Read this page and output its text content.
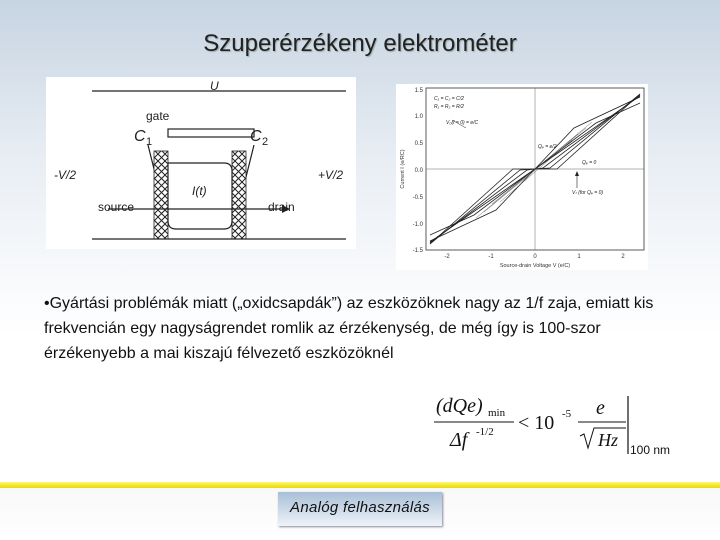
Szuperérzékeny elektrométer
U
gate
C 1	C 2
-V/2	+V/2
I(t)
source	drain
1.5
1.0
0.5
0.0
-0.5
-1.0
-1.5
-2	-1	0	1	2
Source-drain Voltage V (e/C)
Current I (e/RC)
C₁ = C₂ = C/2
R₁ = R₂ = R/2
V₀(I = 0) = e/C
Qₑ = e/2
Qₑ = 0
Vₜ (for Qₑ = 0)
•Gyártási problémák miatt („oxidcsapdák”) az eszközöknek nagy az 1/f zaja, emiatt kis frekvencián egy nagyságrendet romlik az érzékenység, de még így is 100-szor érzékenyebb a mai kiszajú félvezető eszközöknél
(dQe) min
Δf -1/2 < 10 -5 e
Hz 100 nm
Analóg felhasználás
